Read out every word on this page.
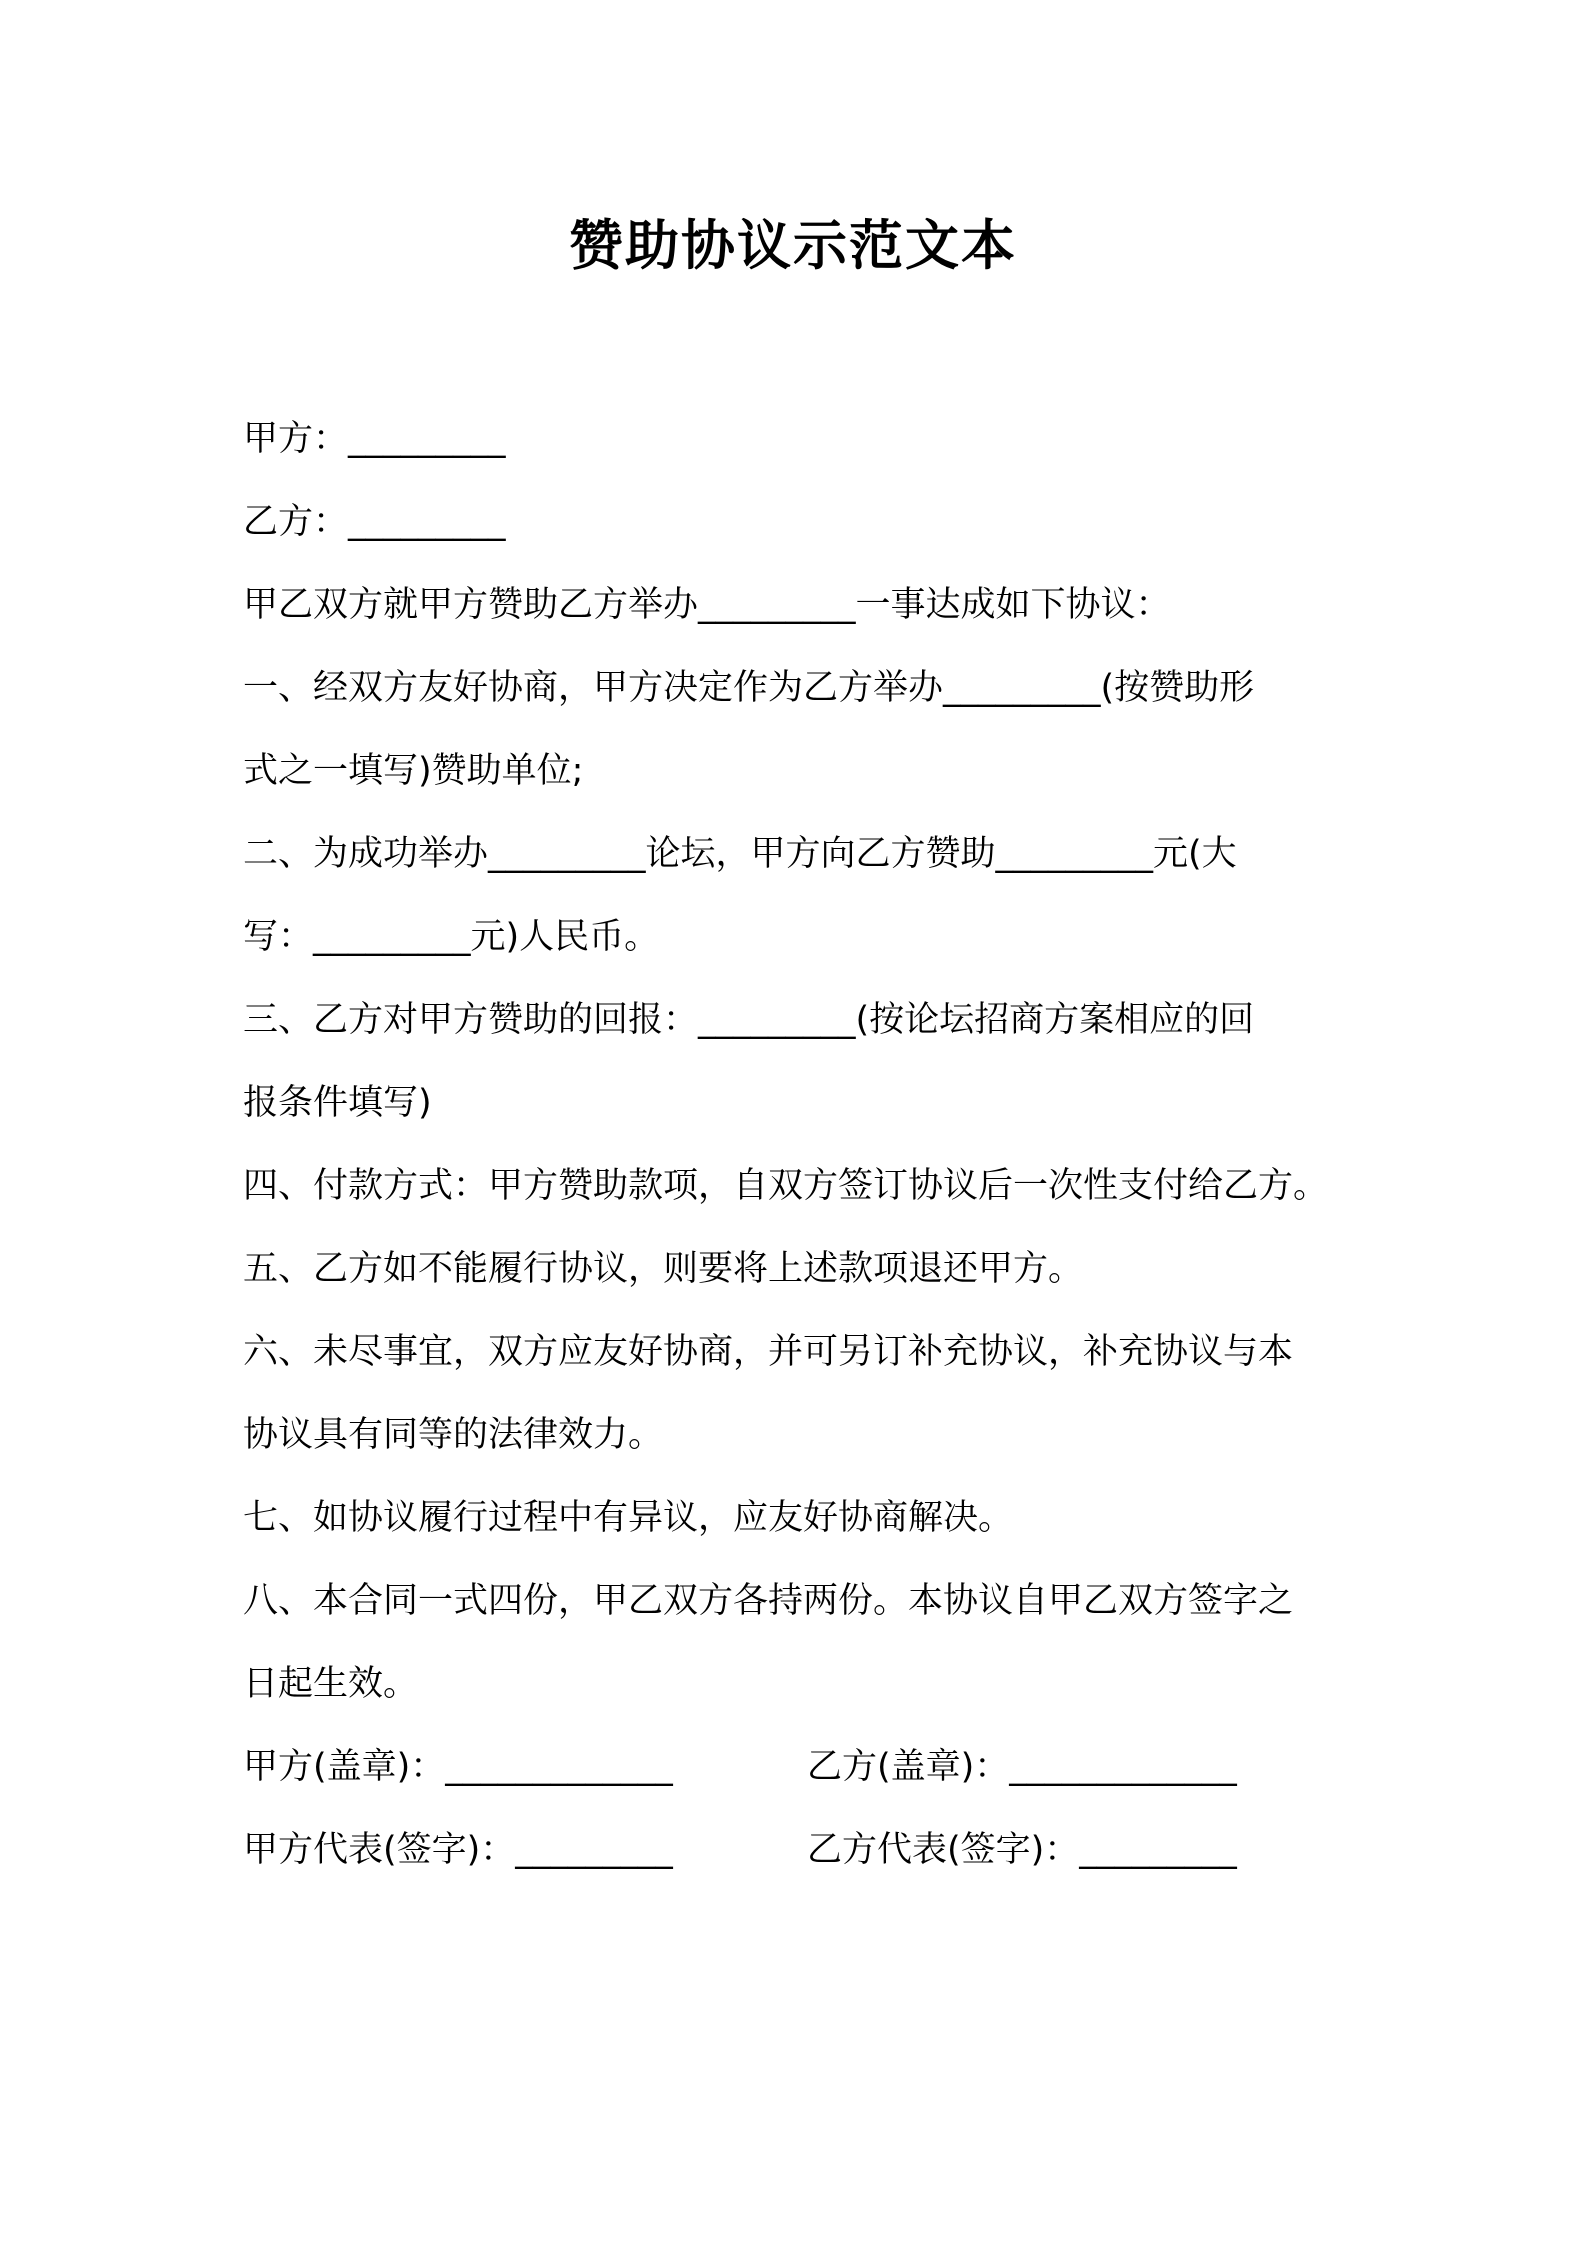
赞助协议示范文本

甲方：_________

乙方：_________

甲乙双方就甲方赞助乙方举办_________一事达成如下协议：

一、经双方友好协商，甲方决定作为乙方举办_________(按赞助形

式之一填写)赞助单位;

二、为成功举办_________论坛，甲方向乙方赞助_________元(大

写：_________元)人民币。

三、乙方对甲方赞助的回报：_________(按论坛招商方案相应的回

报条件填写)

四、付款方式：甲方赞助款项，自双方签订协议后一次性支付给乙方。

五、乙方如不能履行协议，则要将上述款项退还甲方。

六、未尽事宜，双方应友好协商，并可另订补充协议，补充协议与本

协议具有同等的法律效力。

七、如协议履行过程中有异议，应友好协商解决。

八、本合同一式四份，甲乙双方各持两份。本协议自甲乙双方签字之

日起生效。

甲方(盖章)：_____________	乙方(盖章)：_____________
甲方代表(签字)：_________	乙方代表(签字)：_________
